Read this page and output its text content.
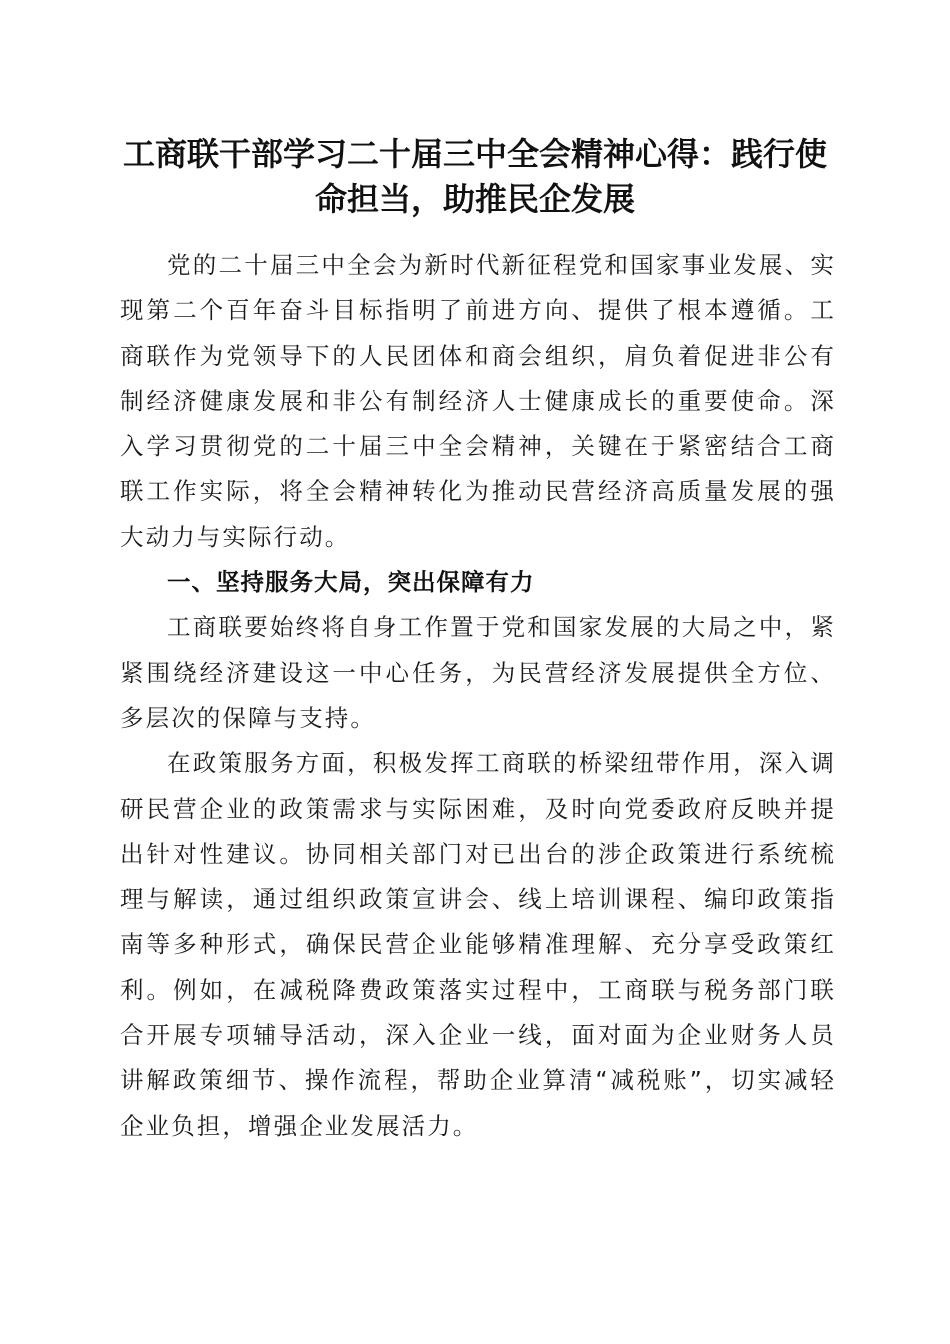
工商联干部学习二十届三中全会精神心得：践行使命担当，助推民企发展

党的二十届三中全会为新时代新征程党和国家事业发展、实现第二个百年奋斗目标指明了前进方向、提供了根本遵循。工商联作为党领导下的人民团体和商会组织，肩负着促进非公有制经济健康发展和非公有制经济人士健康成长的重要使命。深入学习贯彻党的二十届三中全会精神，关键在于紧密结合工商联工作实际，将全会精神转化为推动民营经济高质量发展的强大动力与实际行动。

一、坚持服务大局，突出保障有力

工商联要始终将自身工作置于党和国家发展的大局之中，紧紧围绕经济建设这一中心任务，为民营经济发展提供全方位、多层次的保障与支持。

在政策服务方面，积极发挥工商联的桥梁纽带作用，深入调研民营企业的政策需求与实际困难，及时向党委政府反映并提出针对性建议。协同相关部门对已出台的涉企政策进行系统梳理与解读，通过组织政策宣讲会、线上培训课程、编印政策指南等多种形式，确保民营企业能够精准理解、充分享受政策红利。例如，在减税降费政策落实过程中，工商联与税务部门联合开展专项辅导活动，深入企业一线，面对面为企业财务人员讲解政策细节、操作流程，帮助企业算清“减税账”，切实减轻企业负担，增强企业发展活力。
